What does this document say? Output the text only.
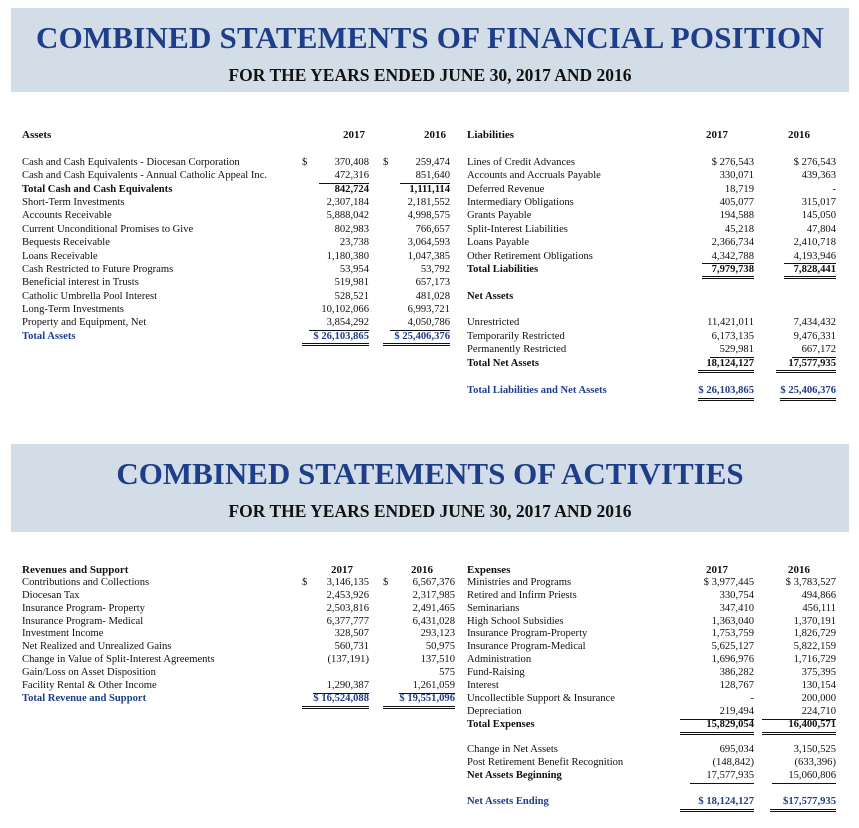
COMBINED STATEMENTS OF FINANCIAL POSITION
FOR THE YEARS ENDED JUNE 30, 2017 AND 2016
Assets
Cash and Cash Equivalents - Diocesan Corporation
Cash and Cash Equivalents - Annual Catholic Appeal Inc.
Total Cash and Cash Equivalents
Short-Term Investments
Accounts Receivable
Current Unconditional Promises to Give
Bequests Receivable
Loans Receivable
Cash Restricted to Future Programs
Beneficial interest in Trusts
Catholic Umbrella Pool Interest
Long-Term Investments
Property and Equipment, Net
Total Assets
2017
$	370,408
472,316
842,724
2,307,184
5,888,042
802,983
23,738
1,180,380
53,954
519,981
528,521
10,102,066
3,854,292
$ 26,103,865
2016
$	259,474
851,640
1,111,114
2,181,552
4,998,575
766,657
3,064,593
1,047,385
53,792
657,173
481,028
6,993,721
4,050,786
$ 25,406,376
Liabilities
Lines of Credit Advances
Accounts and Accruals Payable
Deferred Revenue
Intermediary Obligations
Grants Payable
Split-Interest Liabilities
Loans Payable
Other Retirement Obligations
Total Liabilities
Net Assets
Unrestricted
Temporarily Restricted
Permanently Restricted
Total Net Assets
Total Liabilities and Net Assets
2017
$ 276,543
330,071
18,719
405,077
194,588
45,218
2,366,734
4,342,788
7,979,738
11,421,011
6,173,135
529,981
18,124,127
$ 26,103,865
2016
$ 276,543
439,363
-
315,017
145,050
47,804
2,410,718
4,193,946
7,828,441
7,434,432
9,476,331
667,172
17,577,935
$ 25,406,376
COMBINED STATEMENTS OF ACTIVITIES
FOR THE YEARS ENDED JUNE 30, 2017 AND 2016
Revenues and Support
Contributions and Collections
Diocesan Tax
Insurance Program- Property
Insurance Program- Medical
Investment Income
Net Realized and Unrealized Gains
Change in Value of Split-Interest Agreements
Gain/Loss on Asset Disposition
Facility Rental & Other Income
Total Revenue and Support
2017
$ 3,146,135
2,453,926
2,503,816
6,377,777
328,507
560,731
(137,191)
1,290,387
$ 16,524,088
2016
$ 6,567,376
2,317,985
2,491,465
6,431,028
293,123
50,975
137,510
575
1,261,059
$ 19,551,096
Expenses
Ministries and Programs
Retired and Infirm Priests
Seminarians
High School Subsidies
Insurance Program-Property
Insurance Program-Medical
Administration
Fund-Raising
Interest
Uncollectible Support & Insurance
Depreciation
Total Expenses
Change in Net Assets
Post Retirement Benefit Recognition
Net Assets Beginning
Net Assets Ending
2017
$ 3,977,445
330,754
347,410
1,363,040
1,753,759
5,625,127
1,696,976
386,282
128,767
-
219,494
15,829,054
695,034
(148,842)
17,577,935
$ 18,124,127
2016
$ 3,783,527
494,866
456,111
1,370,191
1,826,729
5,822,159
1,716,729
375,395
130,154
200,000
224,710
16,400,571
3,150,525
(633,396)
15,060,806
$17,577,935
